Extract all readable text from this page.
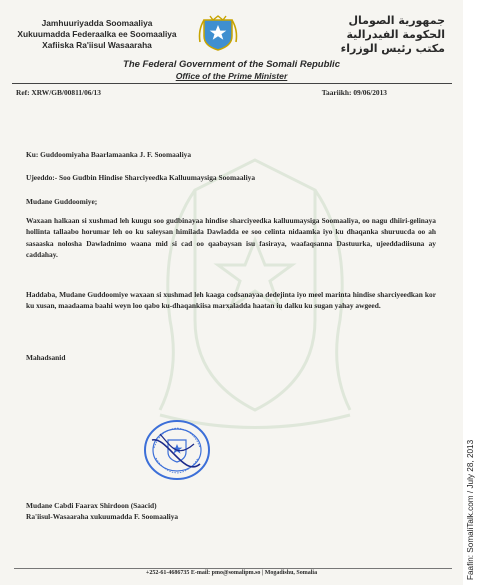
Jamhuuriyadda Soomaaliya
Xukuumadda Federaalka ee Soomaaliya
Xafiiska Ra'iisul Wasaaraha
جمهورية الصومال
الحكومة الفيدرالية
مكتب رئيس الوزراء
The Federal Government of the Somali Republic
Office of the Prime Minister
Ref: XRW/GB/00811/06/13	Taariikh: 09/06/2013
Ku: Guddoomiyaha Baarlamaanka J. F. Soomaaliya
Ujeeddo:- Soo Gudbin Hindise Sharciyeedka Kalluumaysiga Soomaaliya
Mudane Guddoomiye;
Waxaan halkaan si xushmad leh kuugu soo gudbinayaa hindise sharciyeedka kalluumaysiga Soomaaliya, oo nagu dhiiri-gelinaya hollinta tallaabo horumar leh oo ku saleysan himilada Dawladda ee soo celinta nidaamka iyo ku dhaqanka shuruucda oo ah sasaaska nolosha Dawladnimo waana mid si cad oo qaabaysan isu fasiraya, waafaqsanna Dastuurka, ujeeddadiisuna ay caddahay.
Haddaba, Mudane Guddoomiye waxaan si xushmad leh kaaga codsanayaa dedejinta iyo meel marinta hindise sharciyeedkan kor ku xusan, maadaama baahi weyn loo qabo ku-dhaqankiisa marxaladda haatan iu dalku ku sugan yahay awgeed.
Mahadsanid
Mudane Cabdi Faarax Shirdoon (Saacid)
Ra'iisul-Wasaaraha xukuumadda F. Soomaaliya
+252-61-4686735 E-mail: pmo@somalipm.so | Mogadishu, Somalia	Faafin: SomaliTalk.com / July 28, 2013
